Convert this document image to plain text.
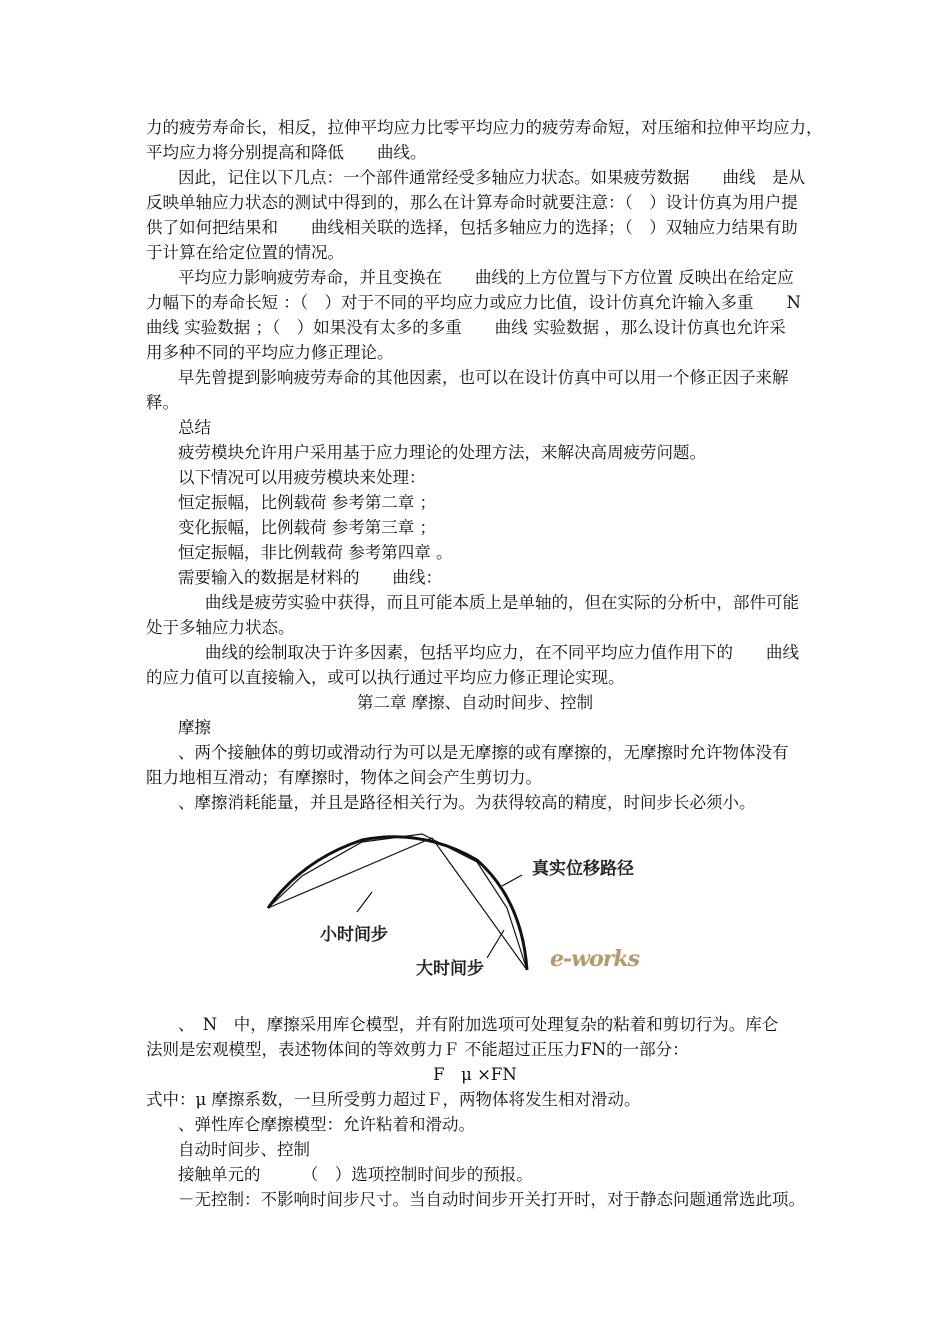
力的疲劳寿命长，相反，拉伸平均应力比零平均应力的疲劳寿命短，对压缩和拉伸平均应力，
平均应力将分别提高和降低　　曲线。
因此，记住以下几点：一个部件通常经受多轴应力状态。如果疲劳数据　　曲线　是从
反映单轴应力状态的测试中得到的，那么在计算寿命时就要注意：（　）设计仿真为用户提
供了如何把结果和　　曲线相关联的选择，包括多轴应力的选择；（　）双轴应力结果有助
于计算在给定位置的情况。
平均应力影响疲劳寿命，并且变换在　　曲线的上方位置与下方位置 反映出在给定应
力幅下的寿命长短 ：（　）对于不同的平均应力或应力比值，设计仿真允许输入多重　　N
曲线 实验数据 ；（　）如果没有太多的多重　　曲线 实验数据 ，那么设计仿真也允许采
用多种不同的平均应力修正理论。
早先曾提到影响疲劳寿命的其他因素，也可以在设计仿真中可以用一个修正因子来解
释。
总结
疲劳模块允许用户采用基于应力理论的处理方法，来解决高周疲劳问题。
以下情况可以用疲劳模块来处理：
恒定振幅，比例载荷 参考第二章 ；
变化振幅，比例载荷 参考第三章 ；
恒定振幅，非比例载荷 参考第四章 。
需要输入的数据是材料的　　曲线：
曲线是疲劳实验中获得，而且可能本质上是单轴的，但在实际的分析中，部件可能
处于多轴应力状态。
曲线的绘制取决于许多因素，包括平均应力，在不同平均应力值作用下的　　曲线
的应力值可以直接输入，或可以执行通过平均应力修正理论实现。
第二章 摩擦、自动时间步、控制
摩擦
、两个接触体的剪切或滑动行为可以是无摩擦的或有摩擦的，无摩擦时允许物体没有
阻力地相互滑动；有摩擦时，物体之间会产生剪切力。
、摩擦消耗能量，并且是路径相关行为。为获得较高的精度，时间步长必须小。
真实位移路径
小时间步
大时间步	e-works
、　N　中，摩擦采用库仑模型，并有附加选项可处理复杂的粘着和剪切行为。库仑
法则是宏观模型，表述物体间的等效剪力Ｆ 不能超过正压力FN的一部分：
F　μ ×FN
式中：μ 摩擦系数，一旦所受剪力超过Ｆ，两物体将发生相对滑动。
、弹性库仑摩擦模型：允许粘着和滑动。
自动时间步、控制
接触单元的　　　（　）选项控制时间步的预报。
－无控制：不影响时间步尺寸。当自动时间步开关打开时，对于静态问题通常选此项。
